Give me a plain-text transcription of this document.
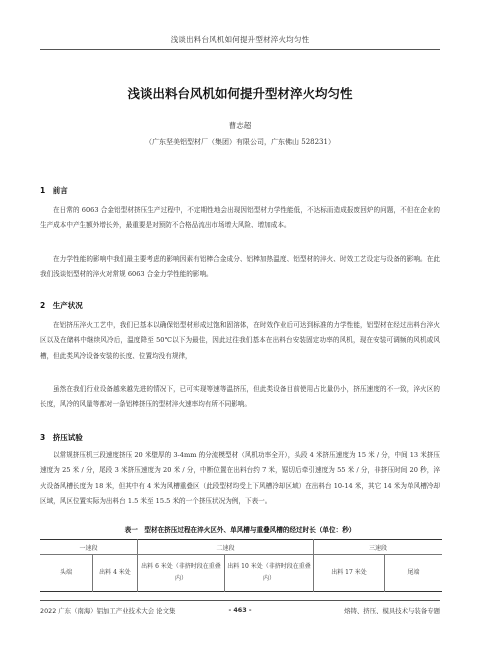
浅谈出料台风机如何提升型材淬火均匀性
浅谈出料台风机如何提升型材淬火均匀性
曹志超
（广东坚美铝型材厂（集团）有限公司，广东佛山 528231）
1　前言

在日常的 6063 合金铝型材挤压生产过程中，不定期性地会出现因铝型材力学性能低，不达标而造成报废回炉的问题，不但在企业的生产成本中产生额外增长外，最重要是对预防不合格品流出市场增大风险、增加成本。

在力学性能的影响中我们最主要考虑的影响因素有铝棒合金成分、铝棒加热温度、铝型材的淬火、时效工艺设定与设备的影响。在此我们浅谈铝型材的淬火对常规 6063 合金力学性能的影响。

2　生产状况

在铝挤压淬火工艺中，我们已基本以确保铝型材形成过饱和固溶体，在时效作业后可达到标准的力学性能，铝型材在经过出料台淬火区以及在储料中继续风冷后，温度降至 50℃以下为最佳，因此过往我们基本在出料台安装固定功率的风机，现在安装可调频的风机或风槽，但此类风冷设备安装的长度、位置均没有规律，

虽然在我们行业设备越来越先进的情况下，已可实现等速等温挤压，但此类设备目前使用占比量仍小，挤压速度的不一致，淬火区的长度，风冷的风量等都对一条铝棒挤压的型材淬火速率均有所不同影响。

3　挤压试验

以常规挤压机三段速度挤压 20 米壁厚的 3-4mm 的分流模型材（风机功率全开），头段 4 米挤压速度为 15 米 / 分，中间 13 米挤压速度为 25 米 / 分，尾段 3 米挤压速度为 20 米 / 分，中断位置在出料台约 7 米，锯切后牵引速度为 55 米 / 分，非挤压时间 20 秒，淬火设备风槽长度为 18 米，但其中有 4 米为风槽重叠区（此段型材均受上下风槽冷却区域）在出料台 10-14 米，其它 14 米为单风槽冷却区域，风区位置实际为出料台 1.5 米至 15.5 米的一个挤压状况为例，下表一。

表一　型材在挤压过程在淬火区外、单风槽与重叠风槽的经过时长（单位：秒）
一速段		二速段		三速段	
头端	出料 4 米处	出料 6 米处（非挤时段在重叠内）	出料 10 米处（非挤时段在重叠内）	出料 17 米处	尾端
2022 广东（南海）铝加工产业技术大会 论文集	- 463 -	熔铸、挤压、模具技术与装备专题
